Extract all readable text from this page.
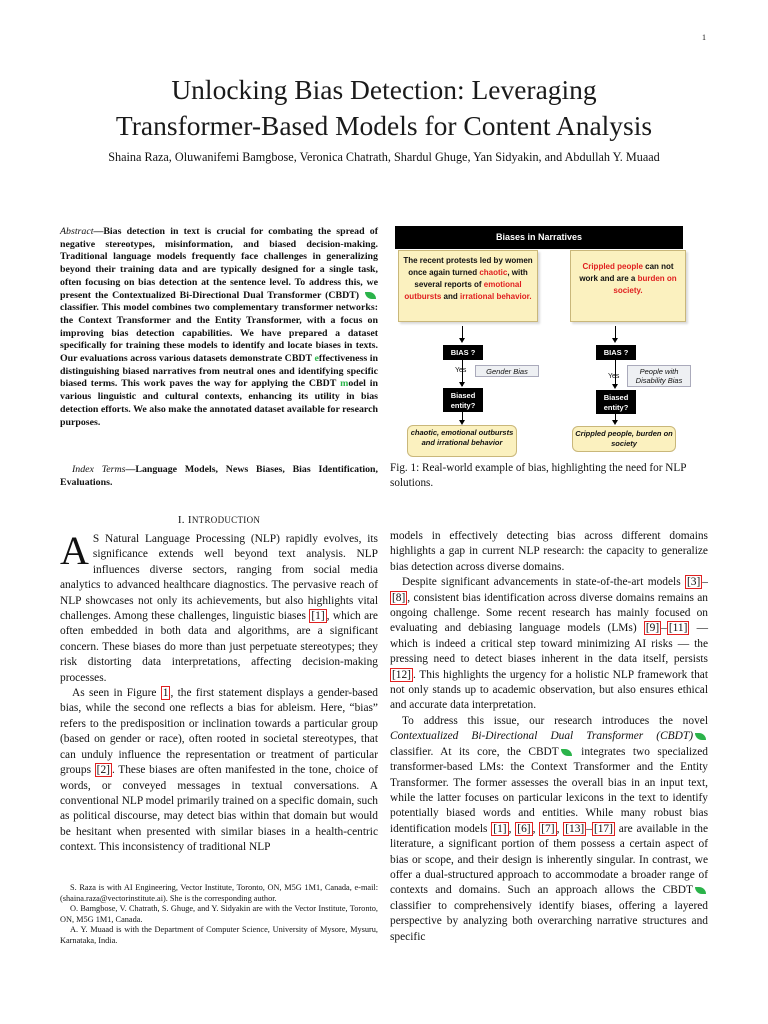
1
Unlocking Bias Detection: Leveraging
Transformer-Based Models for Content Analysis
Shaina Raza, Oluwanifemi Bamgbose, Veronica Chatrath, Shardul Ghuge, Yan Sidyakin, and Abdullah Y. Muaad

Abstract—Bias detection in text is crucial for combating the spread of negative stereotypes, misinformation, and biased decision-making. Traditional language models frequently face challenges in generalizing beyond their training data and are typically designed for a single task, often focusing on bias detection at the sentence level. To address this, we present the Contextualized Bi-Directional Dual Transformer (CBDT)  classifier. This model combines two complementary transformer networks: the Context Transformer and the Entity Transformer, with a focus on improving bias detection capabilities. We have prepared a dataset specifically for training these models to identify and locate biases in texts. Our evaluations across various datasets demonstrate CBDT effectiveness in distinguishing biased narratives from neutral ones and identifying specific biased terms. This work paves the way for applying the CBDT model in various linguistic and cultural contexts, enhancing its utility in bias detection efforts. We also make the annotated dataset available for research purposes.

Index Terms—Language Models, News Biases, Bias Identification, Evaluations.

I. INTRODUCTION

A S Natural Language Processing (NLP) rapidly evolves, its significance extends well beyond text analysis. NLP influences diverse sectors, ranging from social media analytics to advanced healthcare diagnostics. The pervasive reach of NLP showcases not only its achievements, but also highlights vital challenges. Among these challenges, linguistic biases [1] , which are often embedded in both data and algorithms, are a significant concern. These biases do more than just perpetuate stereotypes; they risk distorting data interpretations, affecting decision-making processes.

As seen in Figure 1 , the first statement displays a gender-based bias, while the second one reflects a bias for ableism. Here, “bias” refers to the predisposition or inclination towards a particular group (based on gender or race), often rooted in societal stereotypes, that can unduly influence the representation or treatment of particular groups [2] . These biases are often manifested in the tone, choice of words, or conveyed messages in textual conversations. A conventional NLP model primarily trained on a specific domain, such as political discourse, may detect bias within that domain but would be hesitant when presented with similar biases in a health-centric context. This inconsistency of traditional NLP

S. Raza is with AI Engineering, Vector Institute, Toronto, ON, M5G 1M1, Canada, e-mail: (shaina.raza@vectorinstitute.ai). She is the corresponding author.

O. Bamgbose, V. Chatrath, S. Ghuge, and Y. Sidyakin are with the Vector Institute, Toronto, ON, M5G 1M1, Canada.

A. Y. Muaad is with the Department of Computer Science, University of Mysore, Mysuru, Karnataka, India.

Biases in Narratives
The recent protests led by women once again turned chaotic, with several reports of emotional outbursts and irrational behavior.
Crippled people can not work and are a burden on society.
BIAS ?
Yes	Gender Bias
Biased entity?
chaotic, emotional outbursts and irrational behavior
BIAS ?
Yes
People with Disability Bias
Biased entity?
Crippled people, burden on society
Fig. 1: Real-world example of bias, highlighting the need for NLP solutions.

models in effectively detecting bias across different domains highlights a gap in current NLP research: the capacity to generalize bias detection across diverse domains.

Despite significant advancements in state-of-the-art models [3] –[8] , consistent bias identification across diverse domains remains an ongoing challenge. Some recent research has mainly focused on evaluating and debiasing language models (LMs) [9] – [11] — which is indeed a critical step toward minimizing AI risks — the pressing need to detect biases inherent in the data itself, persists [12] . This highlights the urgency for a holistic NLP framework that not only stands up to academic observation, but also ensures ethical and accurate data interpretation.

To address this issue, our research introduces the novel Contextualized Bi-Directional Dual Transformer (CBDT) classifier. At its core, the CBDT integrates two specialized transformer-based LMs: the Context Transformer and the Entity Transformer. The former assesses the overall bias in an input text, while the latter focuses on particular lexicons in the text to identify potentially biased words and entities. While many robust bias identification models [1] , [6] , [7] , [13] – [17] are available in the literature, a significant portion of them possess a certain aspect of bias or scope, and their design is inherently singular. In contrast, we offer a dual-structured approach to accommodate a broader range of contexts and domains. Such an approach allows the CBDT classifier to comprehensively identify biases, offering a layered perspective by analyzing both overarching narrative structures and specific
